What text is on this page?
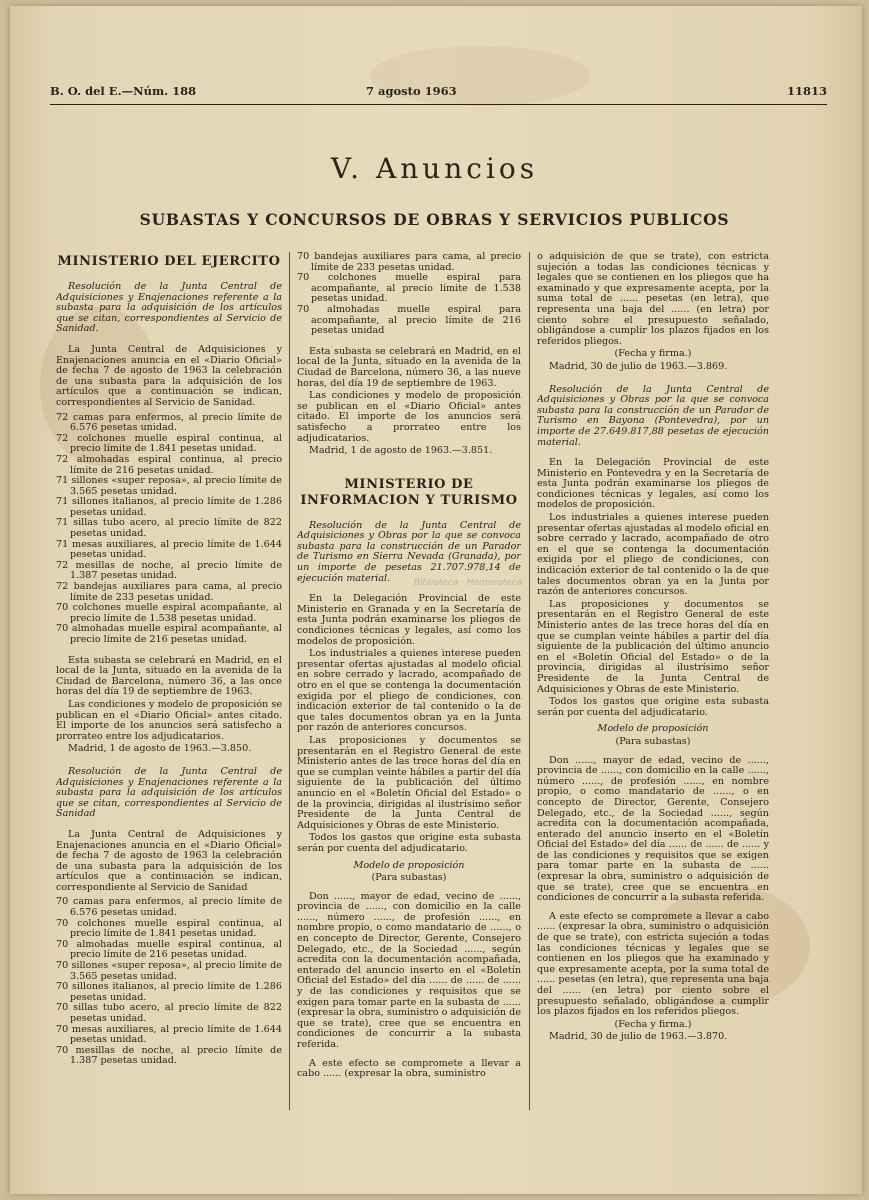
B. O. del E.—Núm. 188	7 agosto 1963	11813
V. Anuncios
SUBASTAS Y CONCURSOS DE OBRAS Y SERVICIOS PUBLICOS
MINISTERIO DEL EJERCITO

Resolución de la Junta Central de Adquisiciones y Enajenaciones referente a la subasta para la adquisición de los artículos que se citan, correspondientes al Servicio de Sanidad.

La Junta Central de Adquisiciones y Enajenaciones anuncia en el «Diario Oficial» de fecha 7 de agosto de 1963 la celebración de una subasta para la adquisición de los artículos que a continuación se indican, correspondientes al Servicio de Sanidad.

72 camas para enfermos, al precio límite de 6.576 pesetas unidad.
72 colchones muelle espiral continua, al precio límite de 1.841 pesetas unidad.
72 almohadas espiral continua, al precio límite de 216 pesetas unidad.
71 sillones «super reposa», al precio límite de 3.565 pesetas unidad.
71 sillones italianos, al precio límite de 1.286 pesetas unidad.
71 sillas tubo acero, al precio límite de 822 pesetas unidad.
71 mesas auxiliares, al precio límite de 1.644 pesetas unidad.
72 mesillas de noche, al precio límite de 1.387 pesetas unidad.
72 bandejas auxiliares para cama, al precio límite de 233 pesetas unidad.
70 colchones muelle espiral acompañante, al precio límite de 1.538 pesetas unidad.
70 almohadas muelle espiral acompañante, al precio límite de 216 pesetas unidad.

Esta subasta se celebrará en Madrid, en el local de la Junta, situado en la avenida de la Ciudad de Barcelona, número 36, a las once horas del día 19 de septiembre de 1963.

Las condiciones y modelo de proposición se publican en el «Diario Oficial» antes citado. El importe de los anuncios será satisfecho a prorrateo entre los adjudicatarios.

Madrid, 1 de agosto de 1963.—3.850.

Resolución de la Junta Central de Adquisiciones y Enajenaciones referente a la subasta para la adquisición de los artículos que se citan, correspondientes al Servicio de Sanidad

La Junta Central de Adquisiciones y Enajenaciones anuncia en el «Diario Oficial» de fecha 7 de agosto de 1963 la celebración de una subasta para la adquisición de los artículos que a continuación se indican, correspondiente al Servicio de Sanidad

70 camas para enfermos, al precio límite de 6.576 pesetas unidad.
70 colchones muelle espiral continua, al precio límite de 1.841 pesetas unidad.
70 almohadas muelle espiral continua, al precio límite de 216 pesetas unidad.
70 sillones «super reposa», al precio límite de 3.565 pesetas unidad.
70 sillones italianos, al precio límite de 1.286 pesetas unidad.
70 sillas tubo acero, al precio límite de 822 pesetas unidad.
70 mesas auxiliares, al precio límite de 1.644 pesetas unidad.
70 mesillas de noche, al precio límite de 1.387 pesetas unidad.
70 bandejas auxiliares para cama, al precio límite de 233 pesetas unidad.
70 colchones muelle espiral para acompañante, al precio límite de 1.538 pesetas unidad.
70 almohadas muelle espiral para acompañante, al precio límite de 216 pesetas unidad

Esta subasta se celebrará en Madrid, en el local de la Junta, situado en la avenida de la Ciudad de Barcelona, número 36, a las nueve horas, del día 19 de septiembre de 1963.

Las condiciones y modelo de proposición se publican en el «Diario Oficial» antes citado. El importe de los anuncios será satisfecho a prorrateo entre los adjudicatarios.

Madrid, 1 de agosto de 1963.—3.851.

MINISTERIO DE INFORMACION Y TURISMO

Resolución de la Junta Central de Adquisiciones y Obras por la que se convoca subasta para la construcción de un Parador de Turismo en Sierra Nevada (Granada), por un importe de pesetas 21.707.978,14 de ejecución material.

En la Delegación Provincial de este Ministerio en Granada y en la Secretaría de esta Junta podrán examinarse los pliegos de condiciones técnicas y legales, así como los modelos de proposición.

Los industriales a quienes interese pueden presentar ofertas ajustadas al modelo oficial en sobre cerrado y lacrado, acompañado de otro en el que se contenga la documentación exigida por el pliego de condiciones, con indicación exterior de tal contenido o la de que tales documentos obran ya en la Junta por razón de anteriores concursos.

Las proposiciones y documentos se presentarán en el Registro General de este Ministerio antes de las trece horas del día en que se cumplan veinte hábiles a partir del día siguiente de la publicación del último anuncio en el «Boletín Oficial del Estado» o de la provincia, dirigidas al ilustrísimo señor Presidente de la Junta Central de Adquisiciones y Obras de este Ministerio.

Todos los gastos que origine esta subasta serán por cuenta del adjudicatario.

Modelo de proposición

(Para subastas)

Don ......, mayor de edad, vecino de ......, provincia de ......, con domicilio en la calle ......, número ......, de profesión ......, en nombre propio, o como mandatario de ......, o en concepto de Director, Gerente, Consejero Delegado, etc., de la Sociedad ......, según acredita con la documentación acompañada, enterado del anuncio inserto en el «Boletín Oficial del Estado» del día ...... de ...... de ...... y de las condiciones y requisitos que se exigen para tomar parte en la subasta de ...... (expresar la obra, suministro o adquisición de que se trate), cree que se encuentra en condiciones de concurrir a la subasta referida.

A este efecto se compromete a llevar a cabo ...... (expresar la obra, suministro

o adquisición de que se trate), con estricta sujeción a todas las condiciones técnicas y legales que se contienen en los pliegos que ha examinado y que expresamente acepta, por la suma total de ...... pesetas (en letra), que representa una baja del ...... (en letra) por ciento sobre el presupuesto señalado, obligándose a cumplir los plazos fijados en los referidos pliegos.

(Fecha y firma.)

Madrid, 30 de julio de 1963.—3.869.

Resolución de la Junta Central de Adquisiciones y Obras por la que se convoca subasta para la construcción de un Parador de Turismo en Bayona (Pontevedra), por un importe de 27.649.817,88 pesetas de ejecución material.

En la Delegación Provincial de este Ministerio en Pontevedra y en la Secretaría de esta Junta podrán examinarse los pliegos de condiciones técnicas y legales, así como los modelos de proposición.

Los industriales a quienes interese pueden presentar ofertas ajustadas al modelo oficial en sobre cerrado y lacrado, acompañado de otro en el que se contenga la documentación exigida por el pliego de condiciones, con indicación exterior de tal contenido o la de que tales documentos obran ya en la Junta por razón de anteriores concursos.

Las proposiciones y documentos se presentarán en el Registro General de este Ministerio antes de las trece horas del día en que se cumplan veinte hábiles a partir del día siguiente de la publicación del último anuncio en el «Boletín Oficial del Estado» o de la provincia, dirigidas al ilustrísimo señor Presidente de la Junta Central de Adquisiciones y Obras de este Ministerio.

Todos los gastos que origine esta subasta serán por cuenta del adjudicatario.

Modelo de proposición

(Para subastas)

Don ......, mayor de edad, vecino de ......, provincia de ......, con domicilio en la calle ......, número ......, de profesión ......, en nombre propio, o como mandatario de ......, o en concepto de Director, Gerente, Consejero Delegado, etc., de la Sociedad ......, según acredita con la documentación acompañada, enterado del anuncio inserto en el «Boletín Oficial del Estado» del día ...... de ...... de ...... y de las condiciones y requisitos que se exigen para tomar parte en la subasta de ...... (expresar la obra, suministro o adquisición de que se trate), cree que se encuentra en condiciones de concurrir a la subasta referida.

A este efecto se compromete a llevar a cabo ...... (expresar la obra, suministro o adquisición de que se trate), con estricta sujeción a todas las condiciones técnicas y legales que se contienen en los pliegos que ha examinado y que expresamente acepta, por la suma total de ...... pesetas (en letra), que representa una baja del ...... (en letra) por ciento sobre el presupuesto señalado, obligándose a cumplir los plazos fijados en los referidos pliegos.

(Fecha y firma.)

Madrid, 30 de julio de 1963.—3.870.

Biblioteca · Hemeroteca
